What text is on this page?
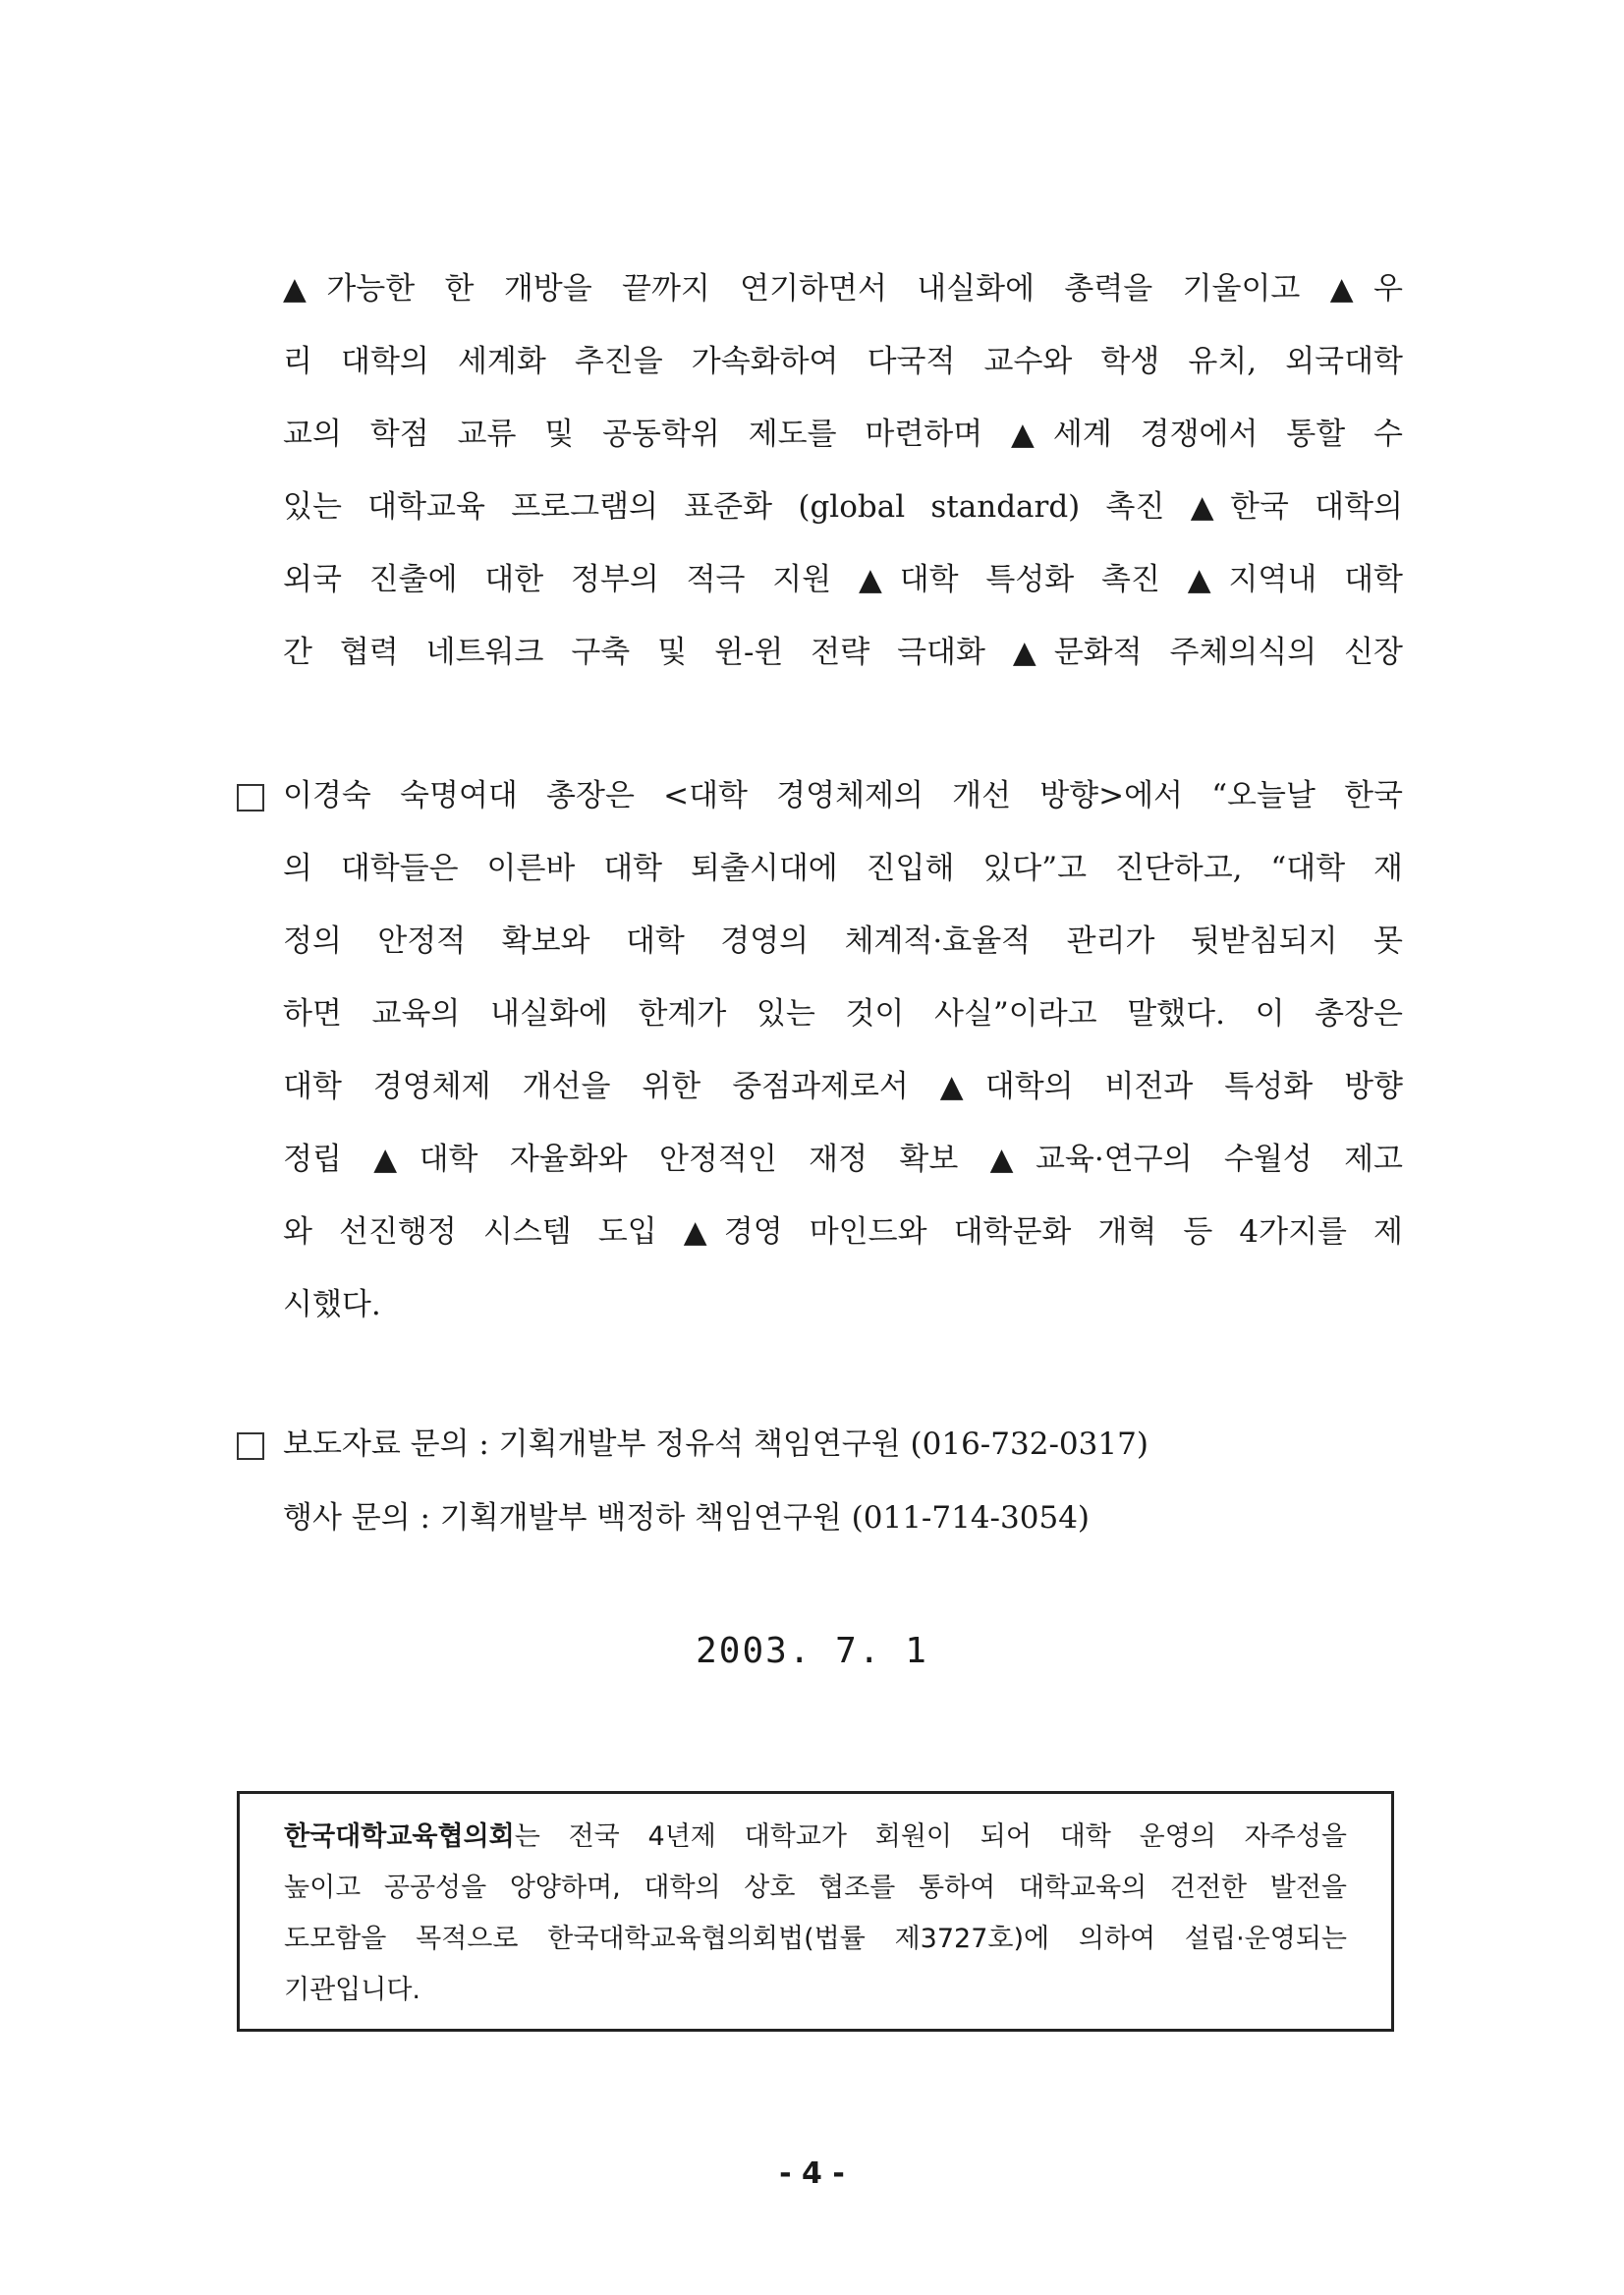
▲가능한 한 개방을 끝까지 연기하면서 내실화에 총력을 기울이고 ▲우
리 대학의 세계화 추진을 가속화하여 다국적 교수와 학생 유치, 외국대학
교의 학점 교류 및 공동학위 제도를 마련하며 ▲세계 경쟁에서 통할 수
있는 대학교육 프로그램의 표준화 (global standard) 촉진 ▲한국 대학의
외국 진출에 대한 정부의 적극 지원 ▲대학 특성화 촉진 ▲지역내 대학
간 협력 네트워크 구축 및 윈-윈 전략 극대화 ▲문화적 주체의식의 신장
이경숙 숙명여대 총장은 <대학 경영체제의 개선 방향>에서 “오늘날 한국
의 대학들은 이른바 대학 퇴출시대에 진입해 있다”고 진단하고, “대학 재
정의 안정적 확보와 대학 경영의 체계적·효율적 관리가 뒷받침되지 못
하면 교육의 내실화에 한계가 있는 것이 사실”이라고 말했다. 이 총장은
대학 경영체제 개선을 위한 중점과제로서 ▲대학의 비전과 특성화 방향
정립 ▲대학 자율화와 안정적인 재정 확보 ▲교육·연구의 수월성 제고
와 선진행정 시스템 도입 ▲경영 마인드와 대학문화 개혁 등 4가지를 제
시했다.
보도자료 문의 : 기획개발부 정유석 책임연구원 (016-732-0317)
행사 문의 : 기획개발부 백정하 책임연구원 (011-714-3054)
2003. 7. 1
한국대학교육협의회는 전국 4년제 대학교가 회원이 되어 대학 운영의 자주성을
높이고 공공성을 앙양하며, 대학의 상호 협조를 통하여 대학교육의 건전한 발전을
도모함을 목적으로 한국대학교육협의회법(법률 제3727호)에 의하여 설립·운영되는
기관입니다.
- 4 -
